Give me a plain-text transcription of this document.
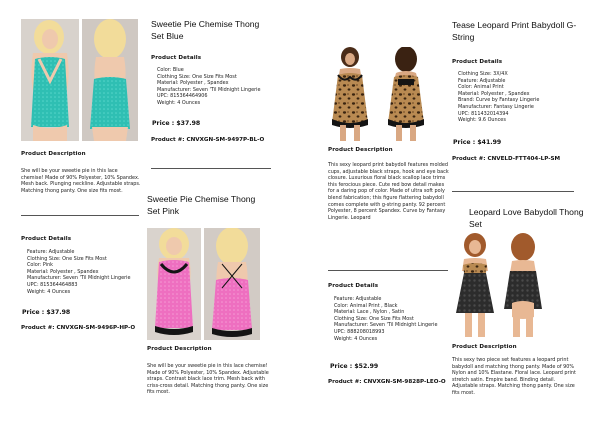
Sweetie Pie Chemise Thong Set Blue
Product Details
Color: Blue
Clothing Size: One Size Fits Most
Material: Polyester , Spandex
Manufacturer: Seven 'Til Midnight Lingerie
UPC: 815364464906
Weight: 4 Ounces
Price : $37.98
Product #: CNVXGN-SM-9497P-BL-O
Product Description
She will be your sweetie pie in this lace chemise! Made of 90% Polyester, 10% Spandex. Mesh back. Plunging neckline. Adjustable straps. Matching thong panty. One size fits most.
Sweetie Pie Chemise Thong Set Pink
Product Description
She will be your sweetie pie in this lace chemise! Made of 90% Polyester, 10% Spandex. Adjustable straps. Contrast black lace trim. Mesh back with criss-cross detail. Matching thong panty. One size fits most.
Product Details
Feature: Adjustable
Clothing Size: One Size Fits Most
Color: Pink
Material: Polyester , Spandex
Manufacturer: Seven 'Til Midnight Lingerie
UPC: 815364464883
Weight: 4 Ounces
Price : $37.98
Product #: CNVXGN-SM-9496P-HP-O
Product Description
This sexy leopard print babydoll features molded cups, adjustable black straps, hook and eye back closure. Luxurious floral black scallop lace trims this ferocious piece. Cute red bow detail makes for a daring pop of color. Made of ultra soft poly blend fabrication; this figure flattering babydoll comes complete with g-string panty. 92 percent Polyester, 8 percent Spandex. Curve by Fantasy Lingerie. Leopard
Tease Leopard Print Babydoll G-String
Product Details
Clothing Size: 3X/4X
Feature: Adjustable
Color: Animal Print
Material: Polyester , Spandex
Brand: Curve by Fantasy Lingerie
Manufacturer: Fantasy Lingerie
UPC: 811432014394
Weight: 9.6 Ounces
Price : $41.99
Product #: CNVELD-FTT404-LP-SM
Leopard Love Babydoll Thong Set
Product Description
This sexy two piece set features a leopard print babydoll and matching thong panty. Made of 90% Nylon and 10% Elastane. Floral lace. Leopard print stretch satin. Empire band. Binding detail. Adjustable straps. Matching thong panty. One size fits most.
Product Details
Feature: Adjustable
Color: Animal Print , Black
Material: Lace , Nylon , Satin
Clothing Size: One Size Fits Most
Manufacturer: Seven 'Til Midnight Lingerie
UPC: 888208018993
Weight: 4 Ounces
Price : $52.99
Product #: CNVXGN-SM-9828P-LEO-O
